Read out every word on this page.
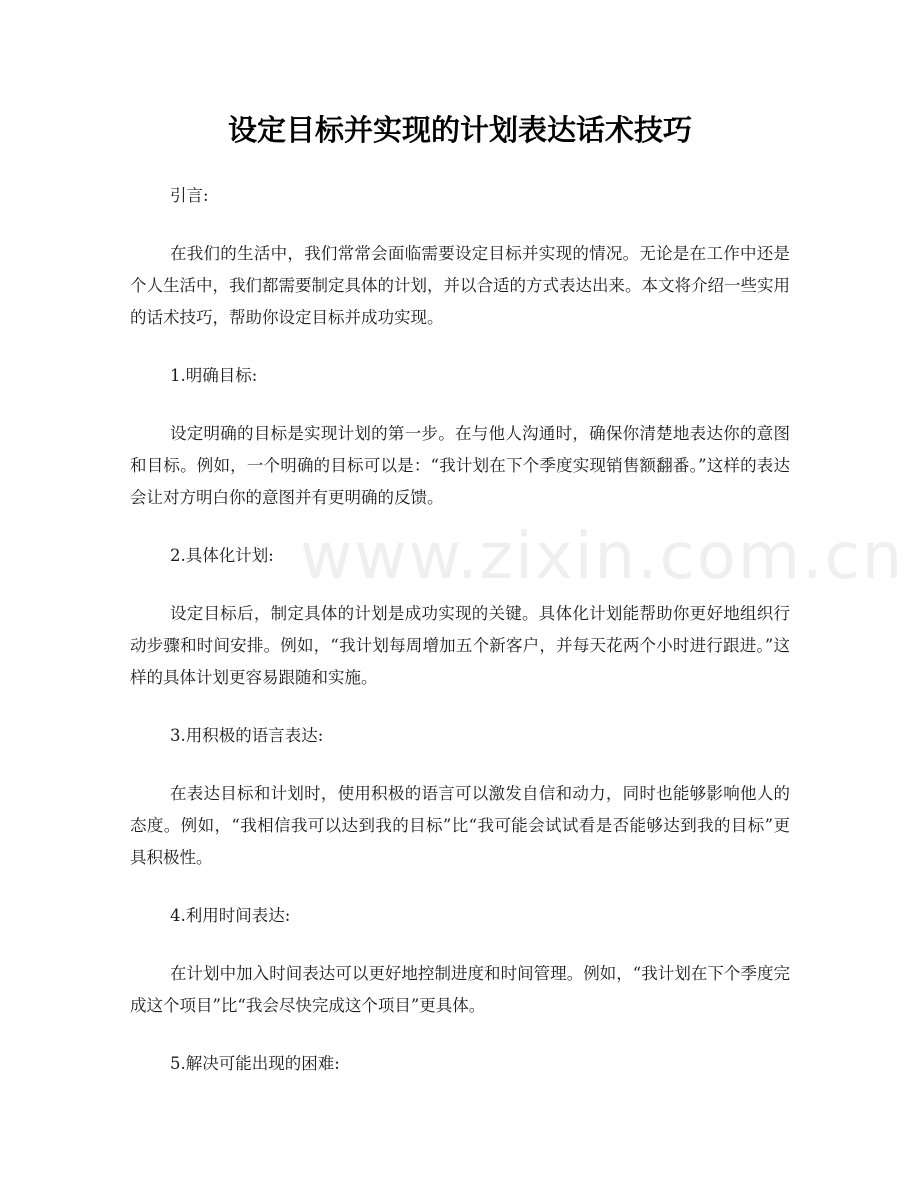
www.zixin.com.cn
设定目标并实现的计划表达话术技巧

引言:

在我们的生活中，我们常常会面临需要设定目标并实现的情况。无论是在工作中还是个人生活中，我们都需要制定具体的计划，并以合适的方式表达出来。本文将介绍一些实用的话术技巧，帮助你设定目标并成功实现。

1.明确目标:

设定明确的目标是实现计划的第一步。在与他人沟通时，确保你清楚地表达你的意图和目标。例如，一个明确的目标可以是：“我计划在下个季度实现销售额翻番。”这样的表达会让对方明白你的意图并有更明确的反馈。

2.具体化计划:

设定目标后，制定具体的计划是成功实现的关键。具体化计划能帮助你更好地组织行动步骤和时间安排。例如，“我计划每周增加五个新客户，并每天花两个小时进行跟进。”这样的具体计划更容易跟随和实施。

3.用积极的语言表达:

在表达目标和计划时，使用积极的语言可以激发自信和动力，同时也能够影响他人的态度。例如，“我相信我可以达到我的目标”比“我可能会试试看是否能够达到我的目标”更具积极性。

4.利用时间表达:

在计划中加入时间表达可以更好地控制进度和时间管理。例如，“我计划在下个季度完成这个项目”比“我会尽快完成这个项目”更具体。

5.解决可能出现的困难:
